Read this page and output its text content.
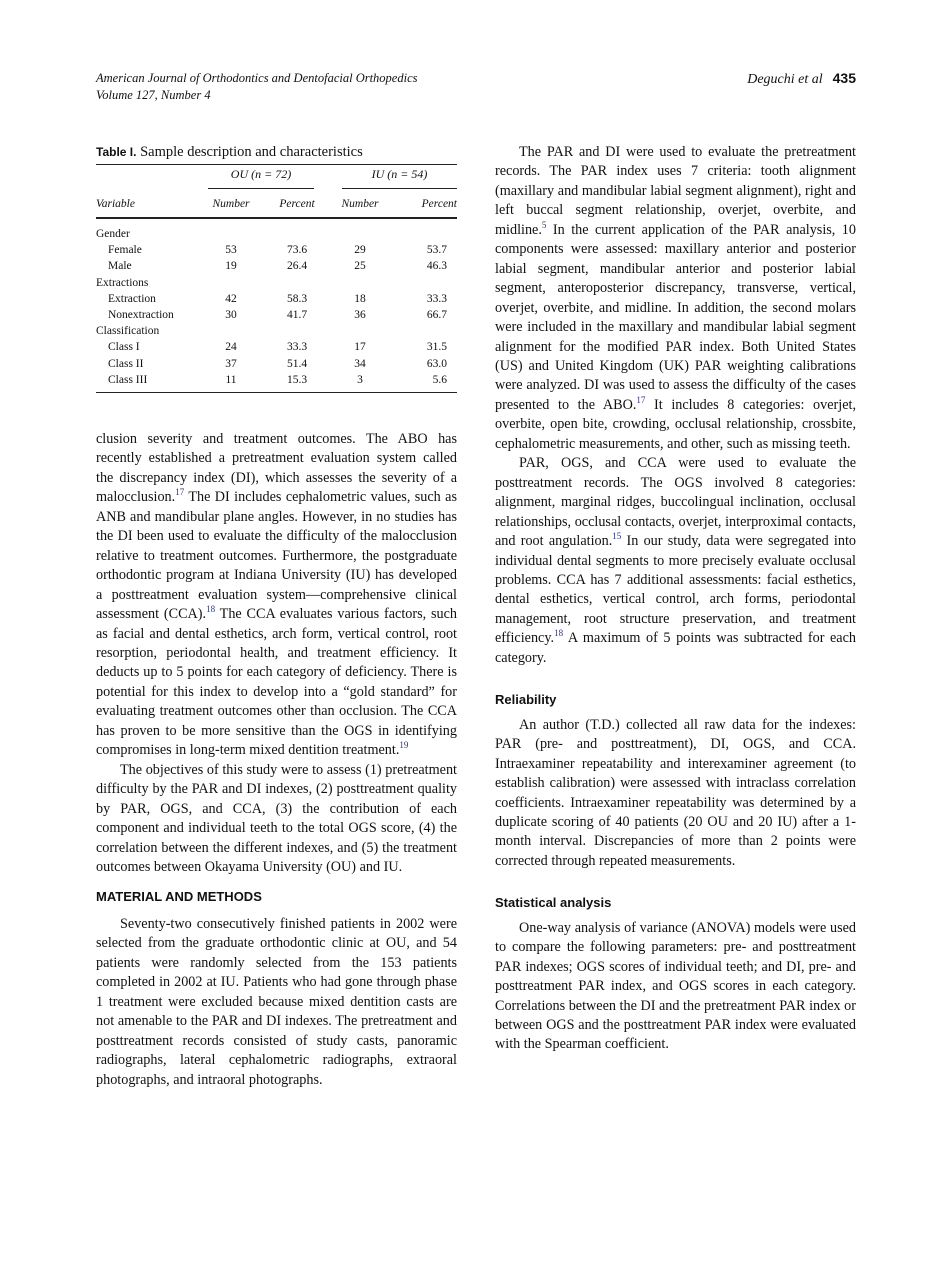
American Journal of Orthodontics and Dentofacial Orthopedics
Volume 127, Number 4
Deguchi et al 435
Table I. Sample description and characteristics

	OU (n = 72)		IU (n = 54)	

Variable	Number	Percent	Number	Percent

Gender				
Female	53	73.6	29	53.7
Male	19	26.4	25	46.3
Extractions				
Extraction	42	58.3	18	33.3
Nonextraction	30	41.7	36	66.7
Classification				
Class I	24	33.3	17	31.5
Class II	37	51.4	34	63.0
Class III	11	15.3	3	5.6

clusion severity and treatment outcomes. The ABO has recently established a pretreatment evaluation system called the discrepancy index (DI), which assesses the severity of a malocclusion.$^{17}$ The DI includes cephalometric values, such as ANB and mandibular plane angles. However, in no studies has the DI been used to evaluate the difficulty of the malocclusion relative to treatment outcomes. Furthermore, the postgraduate orthodontic program at Indiana University (IU) has developed a posttreatment evaluation system—comprehensive clinical assessment (CCA).$^{18}$ The CCA evaluates various factors, such as facial and dental esthetics, arch form, vertical control, root resorption, periodontal health, and treatment efficiency. It deducts up to 5 points for each category of deficiency. There is potential for this index to develop into a “gold standard” for evaluating treatment outcomes other than occlusion. The CCA has proven to be more sensitive than the OGS in identifying compromises in long-term mixed dentition treatment.$^{19}$

The objectives of this study were to assess (1) pretreatment difficulty by the PAR and DI indexes, (2) posttreatment quality by PAR, OGS, and CCA, (3) the contribution of each component and individual teeth to the total OGS score, (4) the correlation between the different indexes, and (5) the treatment outcomes between Okayama University (OU) and IU.

MATERIAL AND METHODS

Seventy-two consecutively finished patients in 2002 were selected from the graduate orthodontic clinic at OU, and 54 patients were randomly selected from the 153 patients completed in 2002 at IU. Patients who had gone through phase 1 treatment were excluded because mixed dentition casts are not amenable to the PAR and DI indexes. The pretreatment and posttreatment records consisted of study casts, panoramic radiographs, lateral cephalometric radiographs, extraoral photographs, and intraoral photographs.

The PAR and DI were used to evaluate the pretreatment records. The PAR index uses 7 criteria: tooth alignment (maxillary and mandibular labial segment alignment), right and left buccal segment relationship, overjet, overbite, and midline.$^5$ In the current application of the PAR analysis, 10 components were assessed: maxillary anterior and posterior labial segment, mandibular anterior and posterior labial segment, anteroposterior discrepancy, transverse, vertical, overjet, overbite, and midline. In addition, the second molars were included in the maxillary and mandibular labial segment alignment for the modified PAR index. Both United States (US) and United Kingdom (UK) PAR weighting calibrations were analyzed. DI was used to assess the difficulty of the cases presented to the ABO.$^{17}$ It includes 8 categories: overjet, overbite, open bite, crowding, occlusal relationship, crossbite, cephalometric measurements, and other, such as missing teeth.

PAR, OGS, and CCA were used to evaluate the posttreatment records. The OGS involved 8 categories: alignment, marginal ridges, buccolingual inclination, occlusal relationships, occlusal contacts, overjet, interproximal contacts, and root angulation.$^{15}$ In our study, data were segregated into individual dental segments to more precisely evaluate occlusal problems. CCA has 7 additional assessments: facial esthetics, dental esthetics, vertical control, arch forms, periodontal management, root structure preservation, and treatment efficiency.$^{18}$ A maximum of 5 points was subtracted for each category.

Reliability

An author (T.D.) collected all raw data for the indexes: PAR (pre- and posttreatment), DI, OGS, and CCA. Intraexaminer repeatability and interexaminer agreement (to establish calibration) were assessed with intraclass correlation coefficients. Intraexaminer repeatability was determined by a duplicate scoring of 40 patients (20 OU and 20 IU) after a 1-month interval. Discrepancies of more than 2 points were corrected through repeated measurements.

Statistical analysis

One-way analysis of variance (ANOVA) models were used to compare the following parameters: pre- and posttreatment PAR indexes; OGS scores of individual teeth; and DI, pre- and posttreatment PAR index, and OGS scores in each category. Correlations between the DI and the pretreatment PAR index or between OGS and the posttreatment PAR index were evaluated with the Spearman coefficient.
